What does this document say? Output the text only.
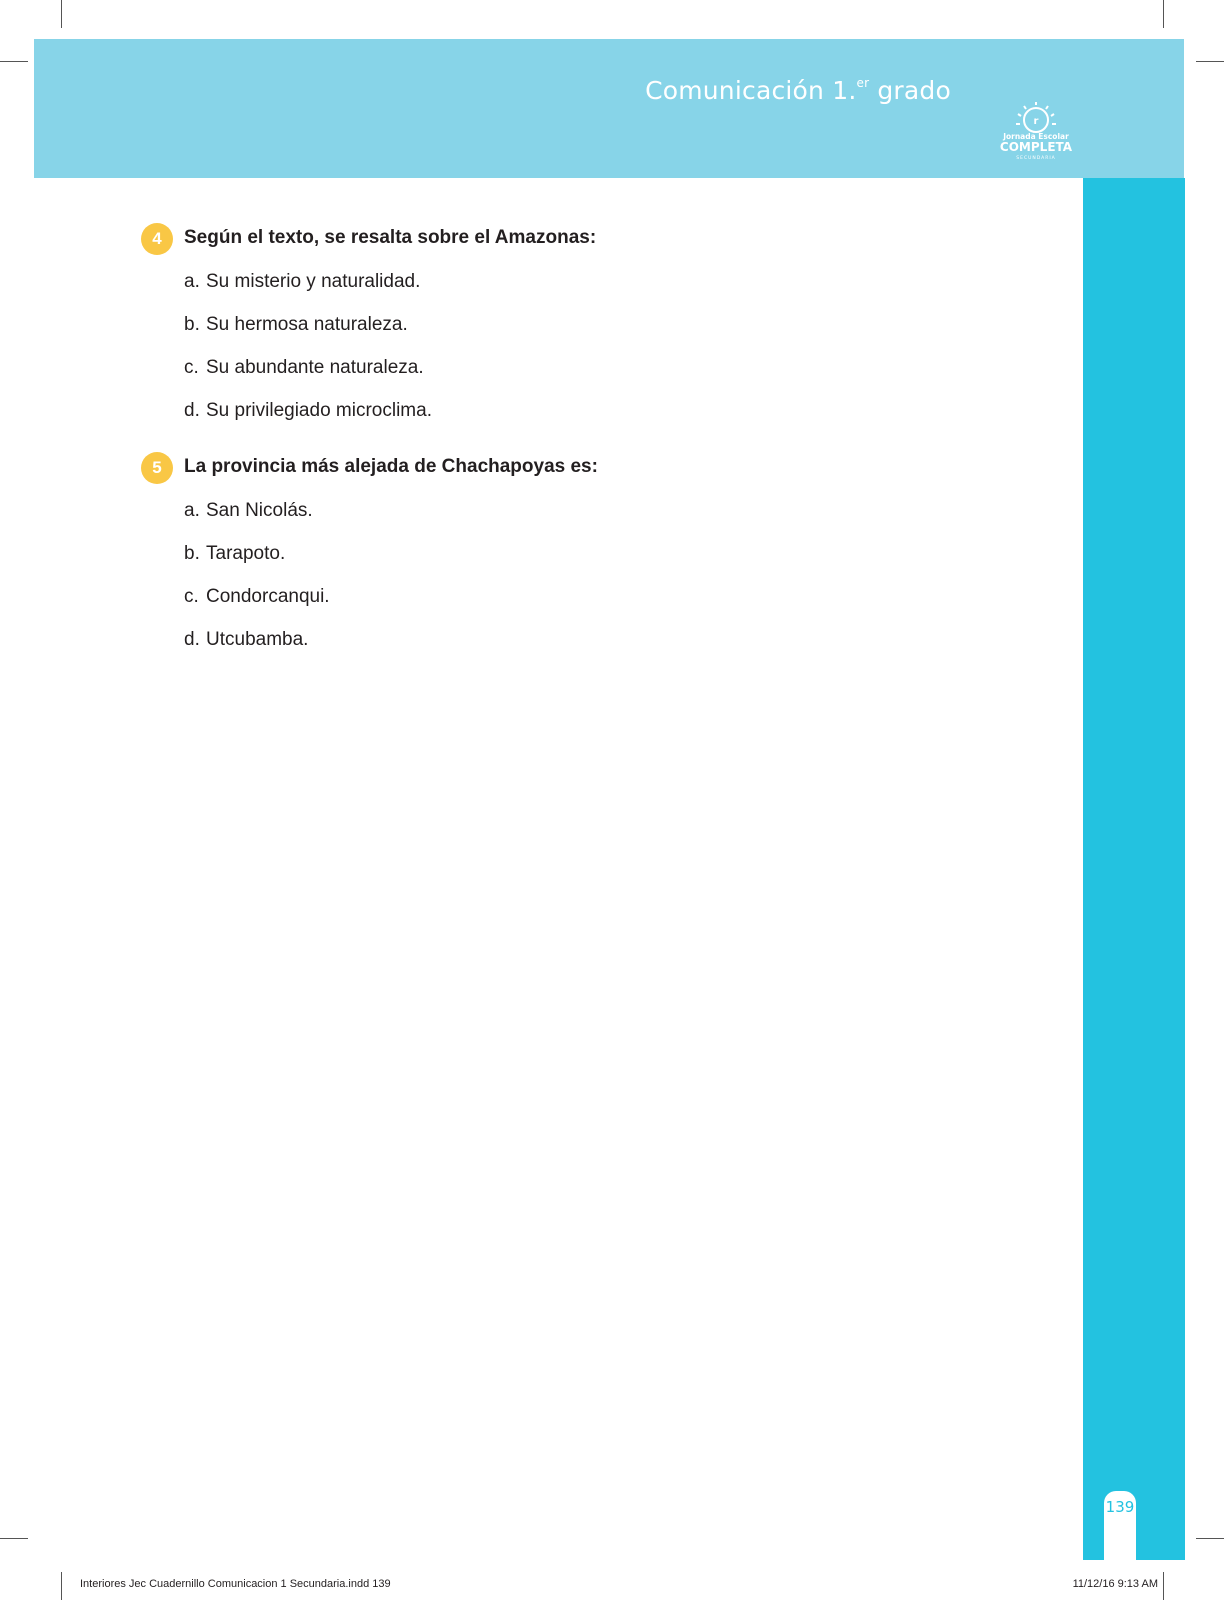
Comunicación 1.$^{er}$ grado
r
Jornada Escolar
COMPLETA
SECUNDARIA
139
4	Según el texto, se resalta sobre el Amazonas:
a. Su misterio y naturalidad.
b. Su hermosa naturaleza.
c. Su abundante naturaleza.
d. Su privilegiado microclima.
5	La provincia más alejada de Chachapoyas es:
a. San Nicolás.
b. Tarapoto.
c. Condorcanqui.
d. Utcubamba.
Interiores Jec Cuadernillo Comunicacion 1 Secundaria.indd 139	11/12/16 9:13 AM
